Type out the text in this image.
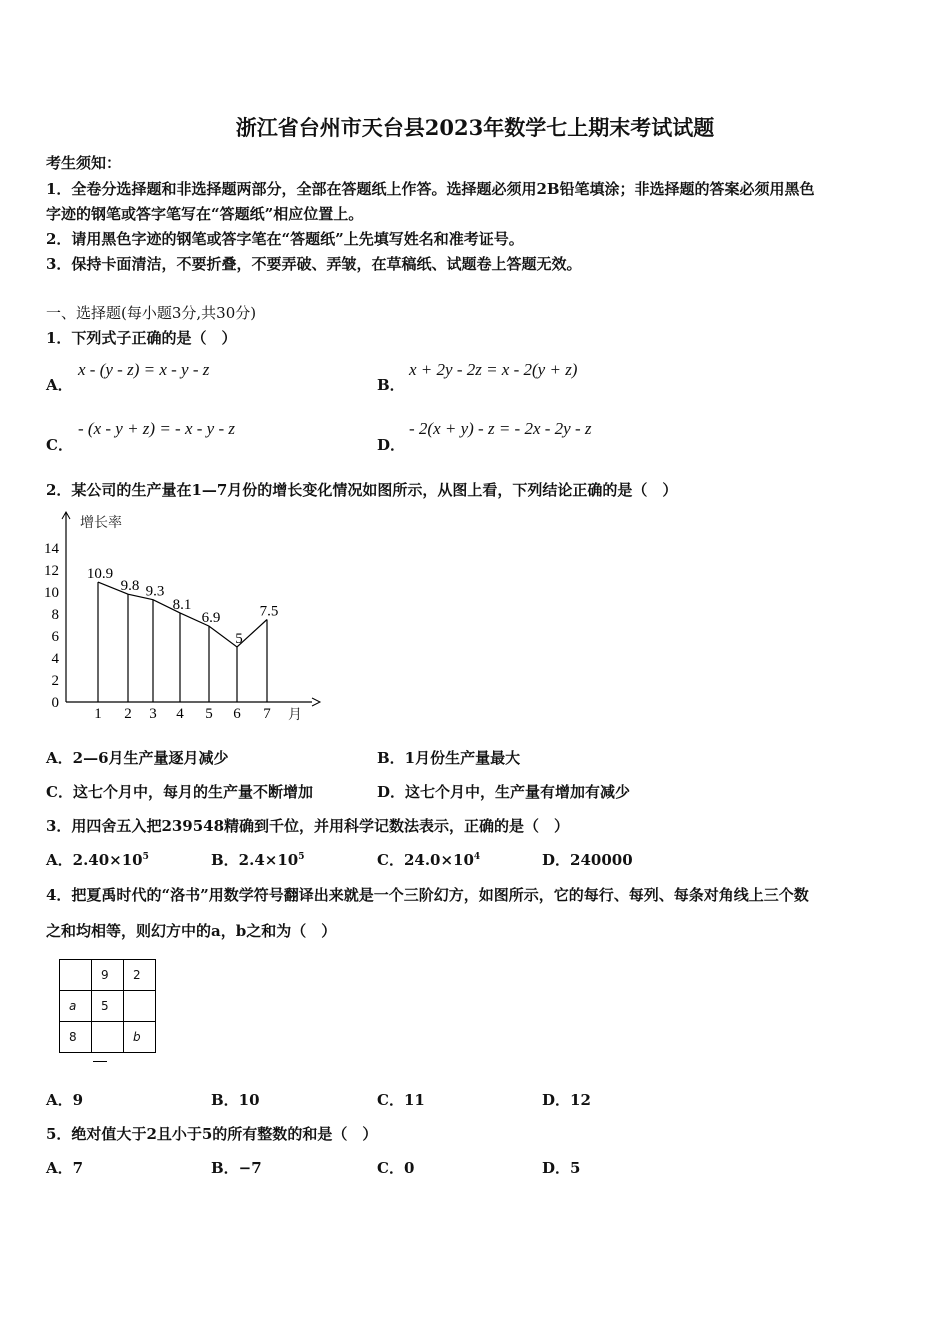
浙江省台州市天台县2023年数学七上期末考试试题
考生须知：
1．全卷分选择题和非选择题两部分，全部在答题纸上作答。选择题必须用2B铅笔填涂；非选择题的答案必须用黑色
字迹的钢笔或答字笔写在“答题纸”相应位置上。
2．请用黑色字迹的钢笔或答字笔在“答题纸”上先填写姓名和准考证号。
3．保持卡面清洁，不要折叠，不要弄破、弄皱，在草稿纸、试题卷上答题无效。
一、选择题(每小题3分,共30分)
1．下列式子正确的是（　）
A．
x - (y - z) = x - y - z
B．
x + 2y - 2z = x - 2(y + z)
C．
- (x - y + z) = - x - y - z
D．
- 2(x + y) - z = - 2x - 2y - z
2．某公司的生产量在1—7月份的增长变化情况如图所示，从图上看，下列结论正确的是（　）
增长率
月
0
2
4
6
8
10
12
14
1 2 3 4 5 6 7
10.9
9.8 9.3
8.1
6.9
5
7.5
A．2—6月生产量逐月减少	B．1月份生产量最大
C．这七个月中，每月的生产量不断增加	D．这七个月中，生产量有增加有减少
3．用四舍五入把239548精确到千位，并用科学记数法表示，正确的是（　）
A．$2.40\times 10^5$	B．$2.4\times 10^5$	C．$24.0\times 10^4$	D．240000
4．把夏禹时代的“洛书”用数学符号翻译出来就是一个三阶幻方，如图所示，它的每行、每列、每条对角线上三个数
之和均相等，则幻方中的a，b之和为（　）
	9	2
a	5	
8		b
A．9	B．10	C．11	D．12
5．绝对值大于2且小于5的所有整数的和是（　）
A．7	B．−7	C．0	D．5
